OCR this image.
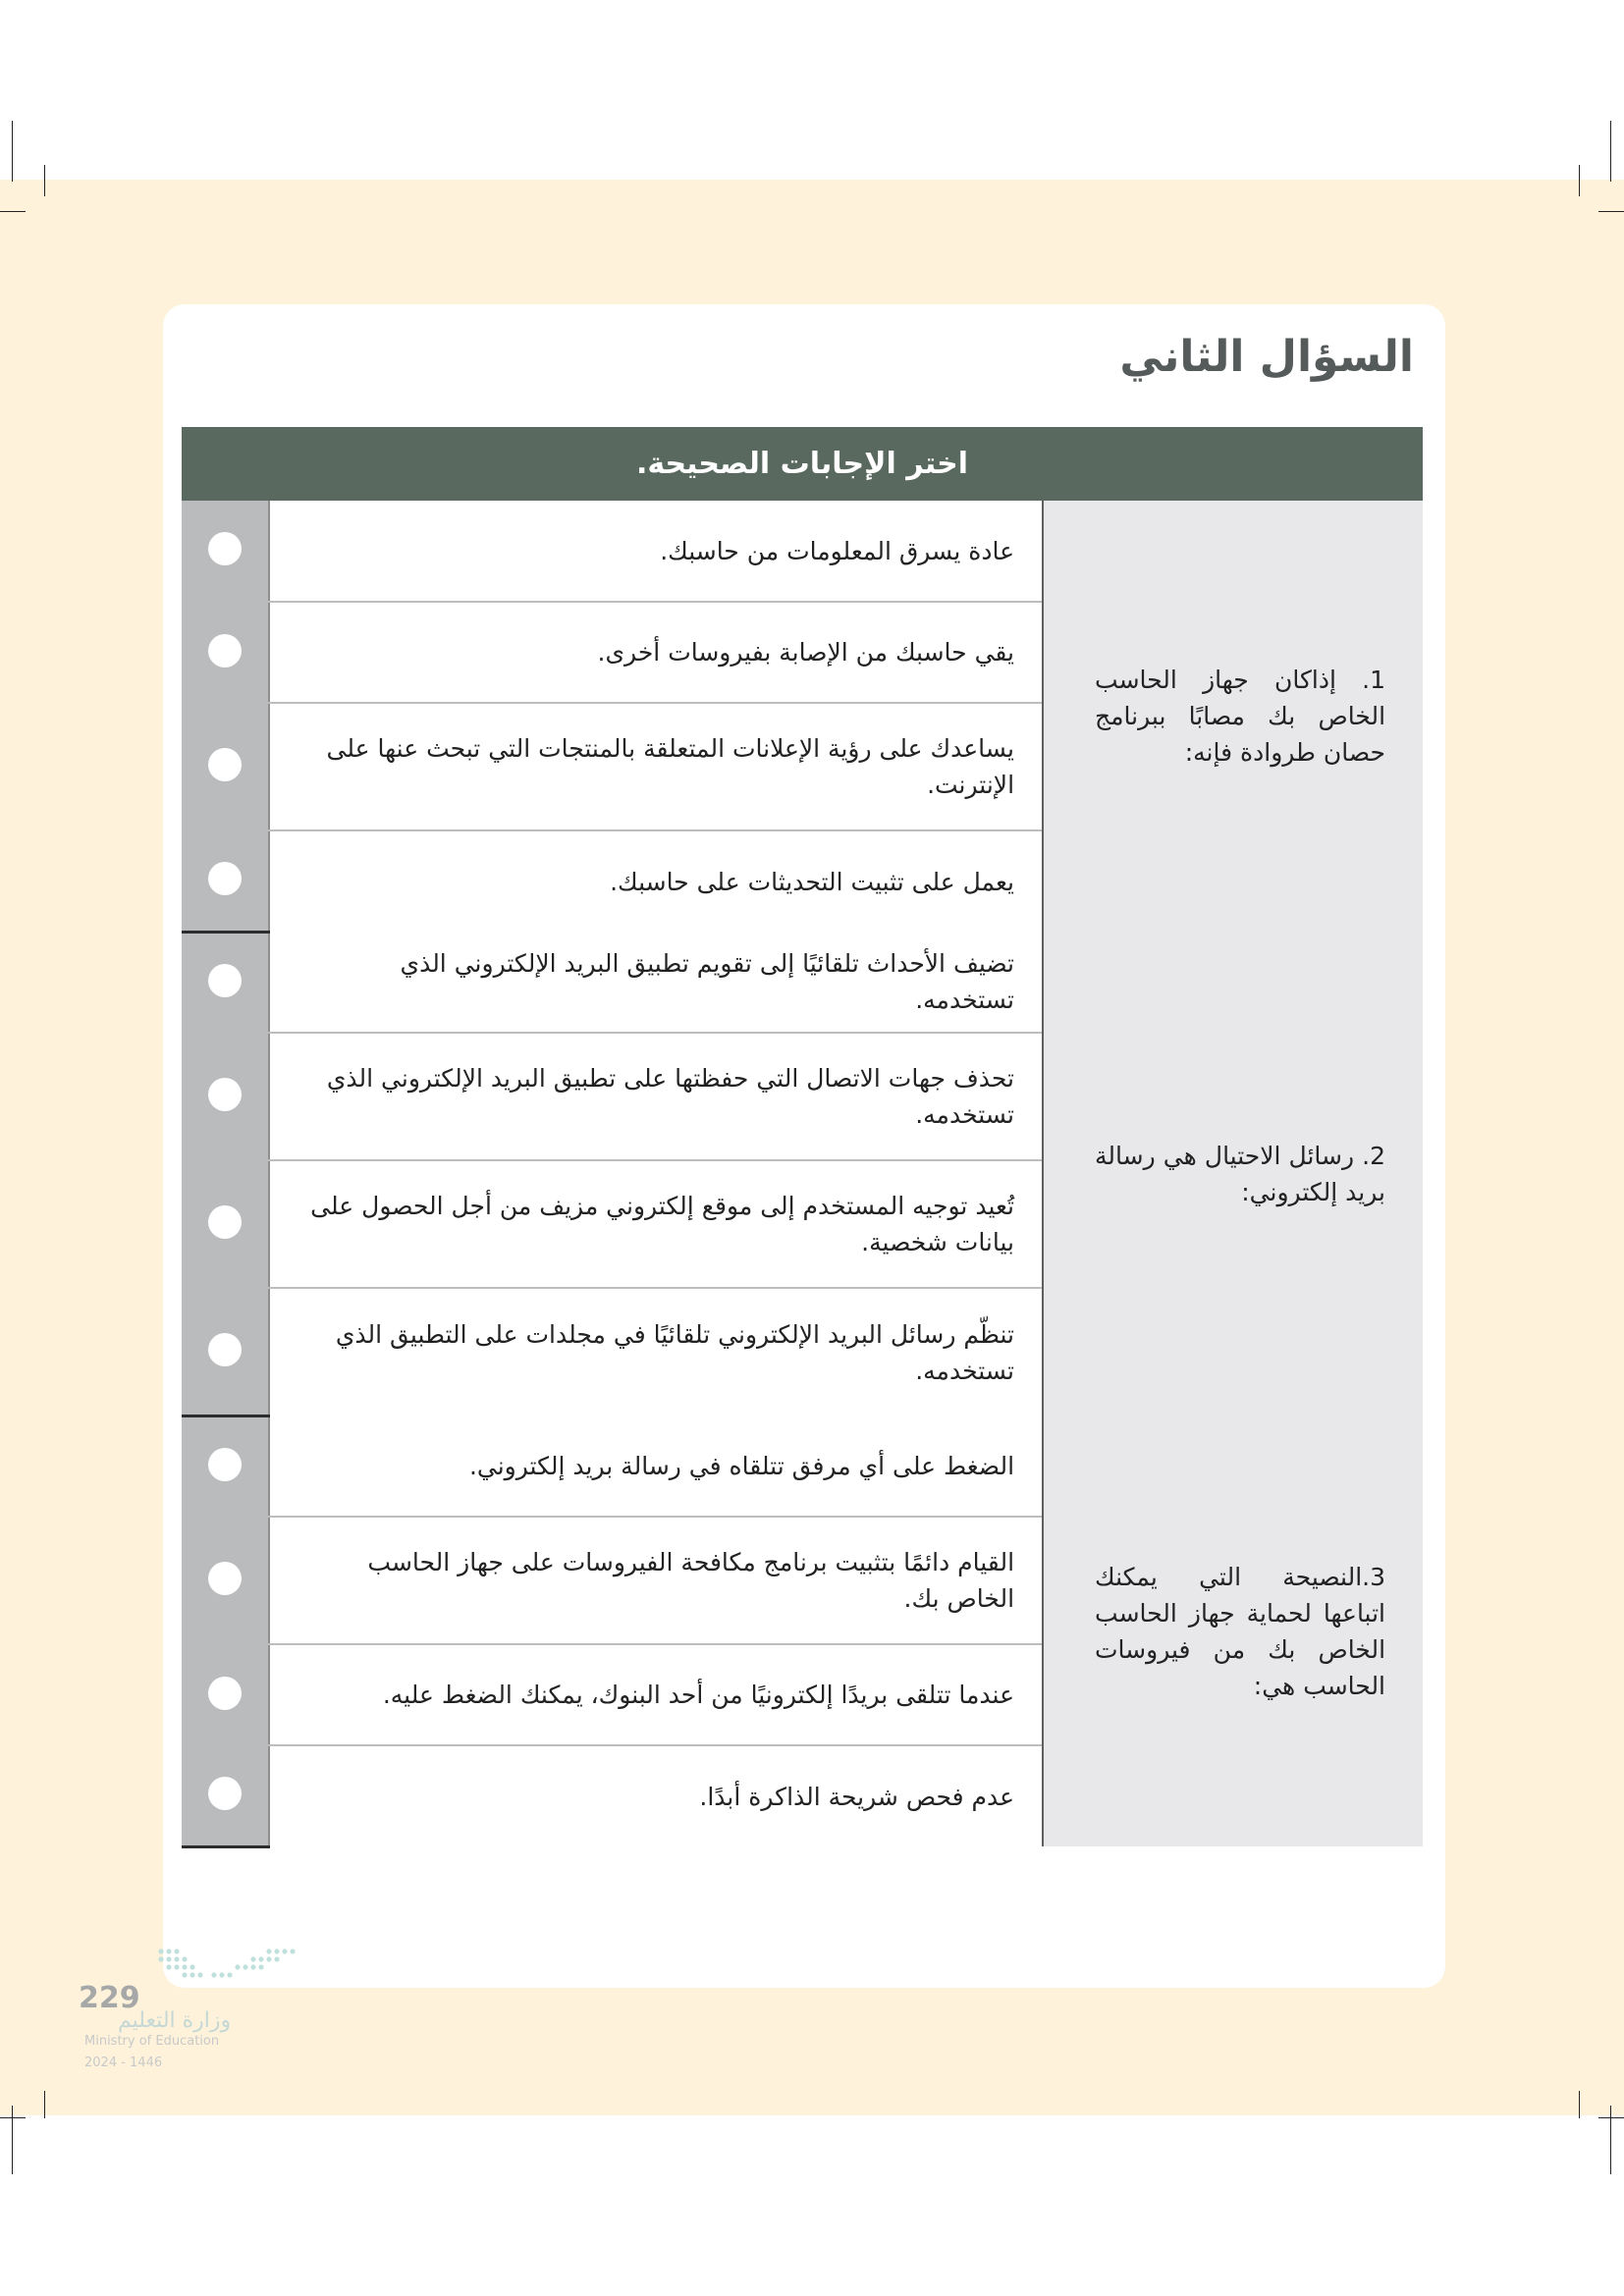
السؤال الثاني
اختر الإجابات الصحيحة.		
1. إذاكان جهاز الحاسب الخاص بك مصابًا ببرنامج حصان طروادة فإنه:	عادة يسرق المعلومات من حاسبك.	
	يقي حاسبك من الإصابة بفيروسات أخرى.	
	يساعدك على رؤية الإعلانات المتعلقة بالمنتجات التي تبحث عنها على الإنترنت.	
	يعمل على تثبيت التحديثات على حاسبك.	
2. رسائل الاحتيال هي رسالة بريد إلكتروني:	تضيف الأحداث تلقائيًا إلى تقويم تطبيق البريد الإلكتروني الذي تستخدمه.	
	تحذف جهات الاتصال التي حفظتها على تطبيق البريد الإلكتروني الذي تستخدمه.	
	تُعيد توجيه المستخدم إلى موقع إلكتروني مزيف من أجل الحصول على بيانات شخصية.	
	تنظّم رسائل البريد الإلكتروني تلقائيًا في مجلدات على التطبيق الذي تستخدمه.	
3.النصيحة التي يمكنك اتباعها لحماية جهاز الحاسب الخاص بك من فيروسات الحاسب هي:	الضغط على أي مرفق تتلقاه في رسالة بريد إلكتروني.	
	القيام دائمًا بتثبيت برنامج مكافحة الفيروسات على جهاز الحاسب الخاص بك.	
	عندما تتلقى بريدًا إلكترونيًا من أحد البنوك، يمكنك الضغط عليه.	
	عدم فحص شريحة الذاكرة أبدًا.	
229
وزارة التعليم
Ministry of Education
2024 - 1446
